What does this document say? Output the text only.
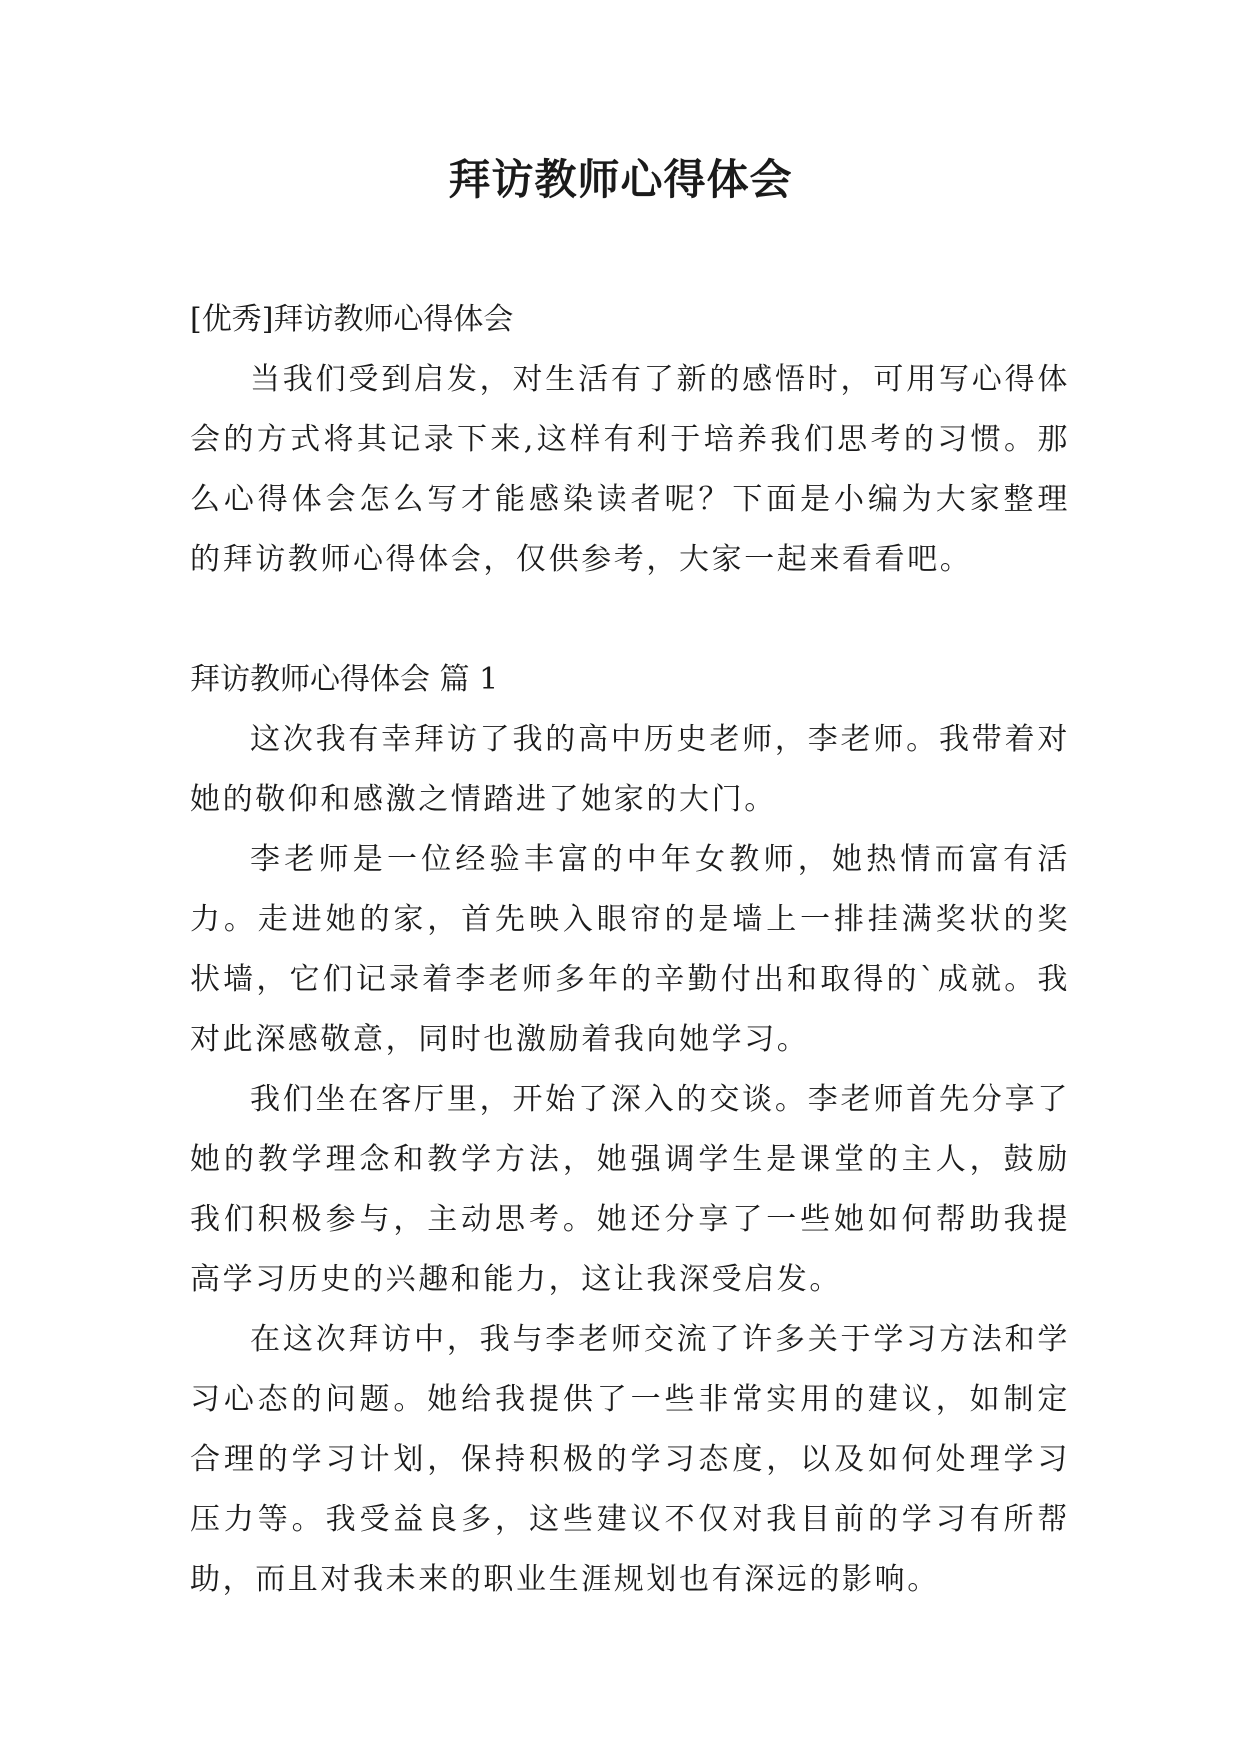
拜访教师心得体会

[优秀]拜访教师心得体会

当我们受到启发，对生活有了新的感悟时，可用写心得体会的方式将其记录下来,这样有利于培养我们思考的习惯。那么心得体会怎么写才能感染读者呢？下面是小编为大家整理的拜访教师心得体会，仅供参考，大家一起来看看吧。

拜访教师心得体会 篇 1

这次我有幸拜访了我的高中历史老师，李老师。我带着对她的敬仰和感激之情踏进了她家的大门。

李老师是一位经验丰富的中年女教师，她热情而富有活力。走进她的家，首先映入眼帘的是墙上一排挂满奖状的奖状墙，它们记录着李老师多年的辛勤付出和取得的`成就。我对此深感敬意，同时也激励着我向她学习。

我们坐在客厅里，开始了深入的交谈。李老师首先分享了她的教学理念和教学方法，她强调学生是课堂的主人，鼓励我们积极参与，主动思考。她还分享了一些她如何帮助我提高学习历史的兴趣和能力，这让我深受启发。

在这次拜访中，我与李老师交流了许多关于学习方法和学习心态的问题。她给我提供了一些非常实用的建议，如制定合理的学习计划，保持积极的学习态度，以及如何处理学习压力等。我受益良多，这些建议不仅对我目前的学习有所帮助，而且对我未来的职业生涯规划也有深远的影响。
